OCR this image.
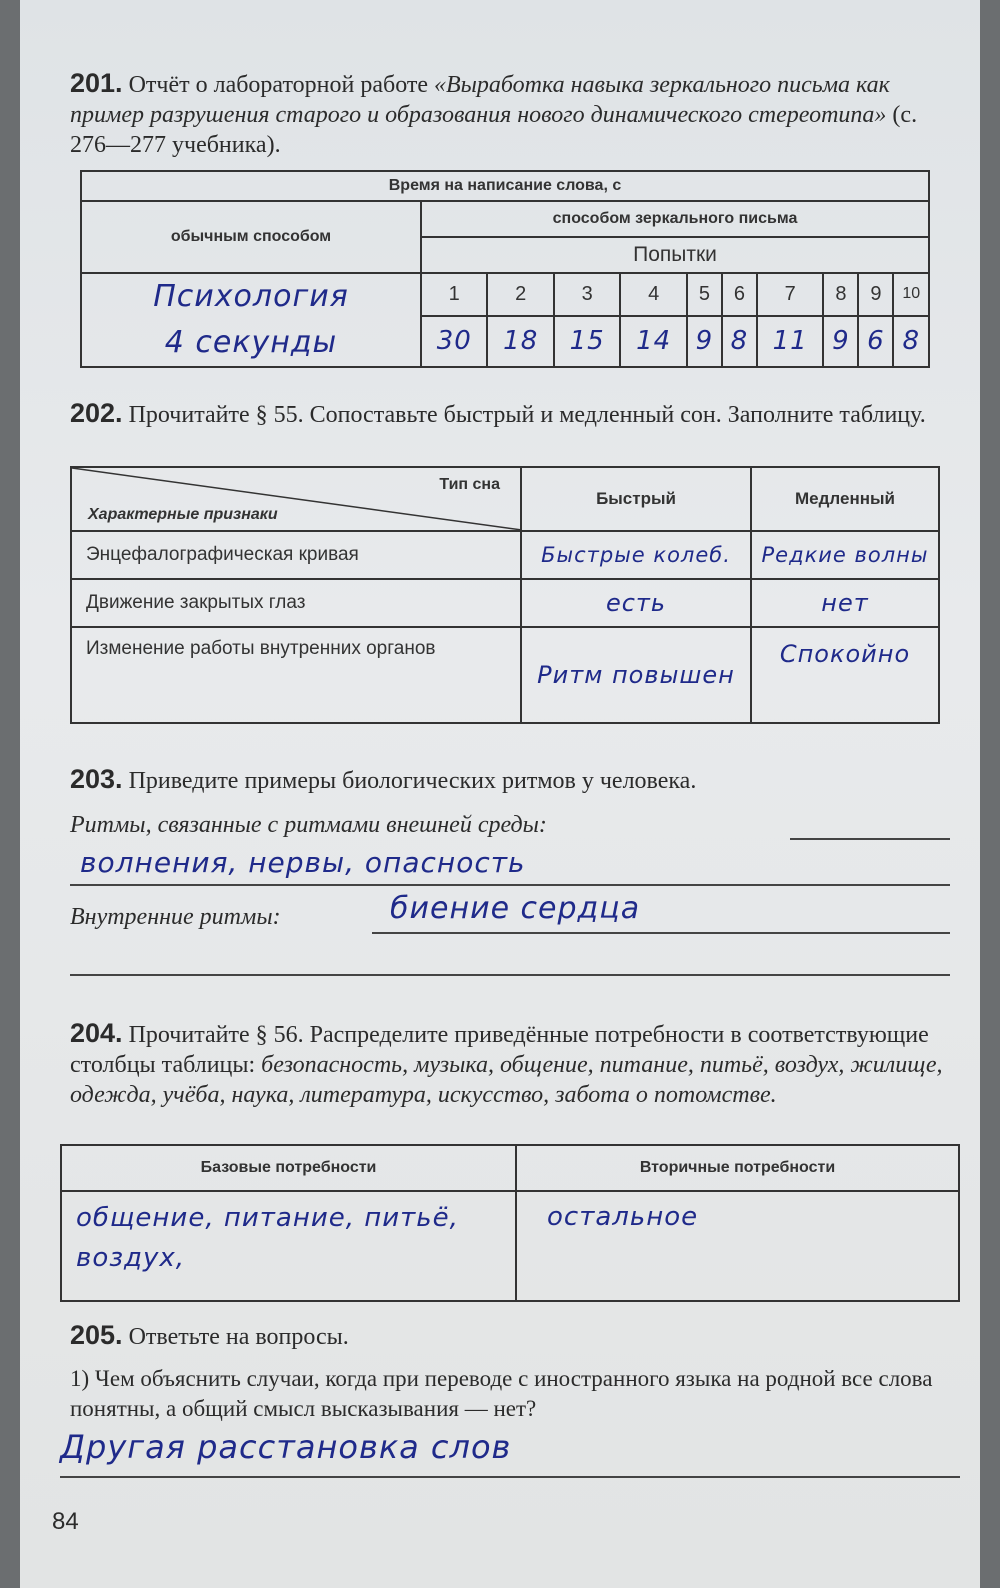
201. Отчёт о лабораторной работе «Выработка навыка зеркального письма как пример разрушения старого и образования нового динамического стереотипа» (с. 276—277 учебника).
Время на написание слова, с										
обычным способом	способом зеркального письма									
	Попытки									

Психология
4 секунды	1	2	3	4	5	6	7	8	9	10
	30	18	15	14	9	8	11	9	6	8
202. Прочитайте § 55. Сопоставьте быстрый и медленный сон. Заполните таблицу.
Тип сна
Характерные признаки	Быстрый	Медленный
Энцефалографическая кривая	Быстрые колеб.	Редкие волны
Движение закрытых глаз	есть	нет
Изменение работы внутренних органов	Ритм повышен	Спокойно
203. Приведите примеры биологических ритмов у человека.
Ритмы, связанные с ритмами внешней среды:
волнения, нервы, опасность
Внутренние ритмы:	биение сердца
204. Прочитайте § 56. Распределите приведённые потребности в соответствующие столбцы таблицы: безопасность, музыка, общение, питание, питьё, воздух, жилище, одежда, учёба, наука, литература, искусство, забота о потомстве.
Базовые потребности	Вторичные потребности
общение, питание, питьё, воздух,	остальное
205. Ответьте на вопросы.
1) Чем объяснить случаи, когда при переводе с иностранного языка на родной все слова понятны, а общий смысл высказывания — нет?
Другая расстановка слов
84
